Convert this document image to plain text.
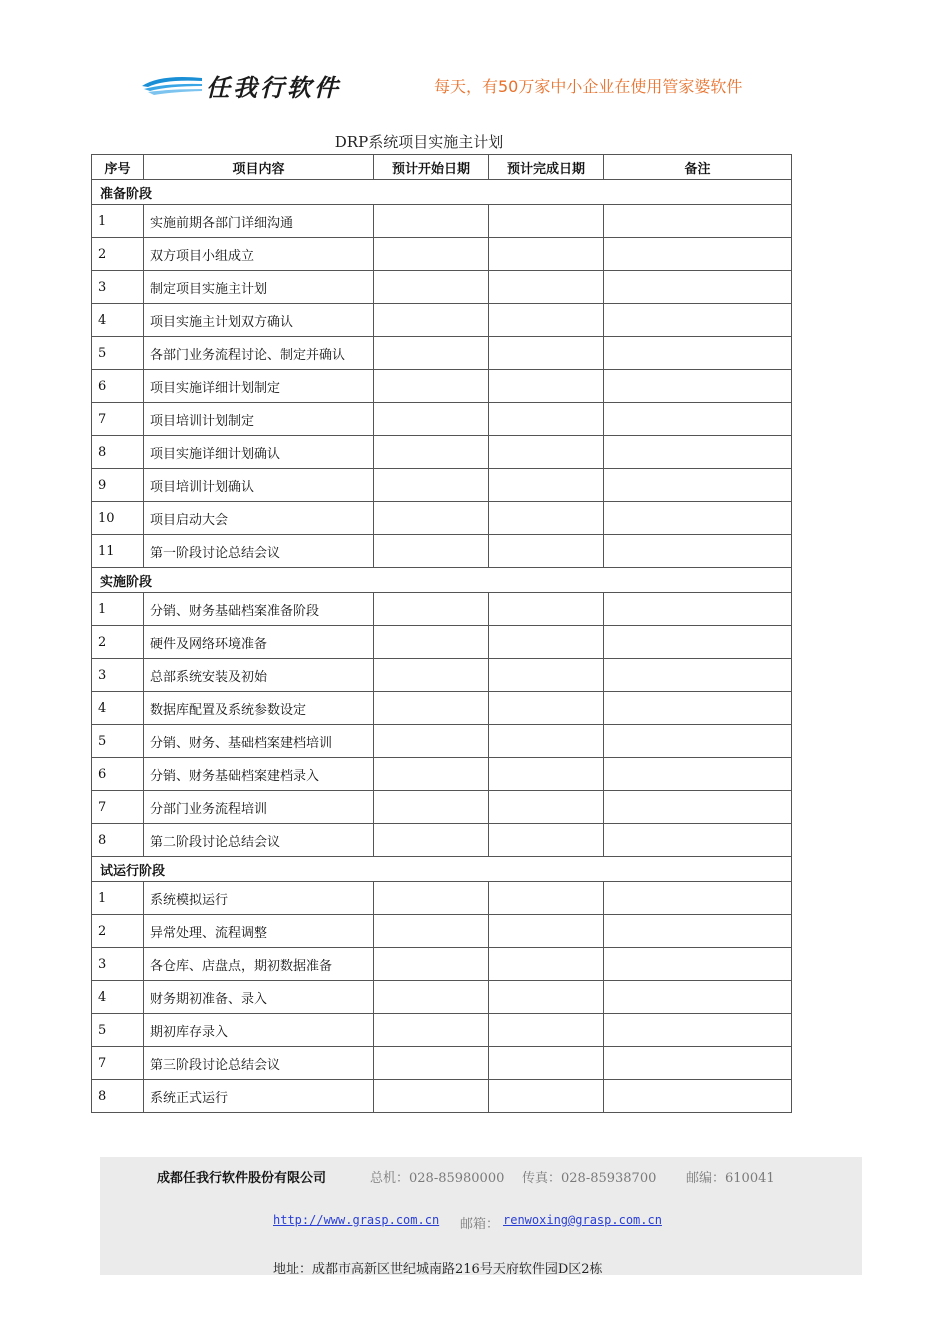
任我行软件	每天，有50万家中小企业在使用管家婆软件
DRP系统项目实施主计划
序号	项目内容	预计开始日期	预计完成日期	备注
准备阶段				
1	实施前期各部门详细沟通			
2	双方项目小组成立			
3	制定项目实施主计划			
4	项目实施主计划双方确认			
5	各部门业务流程讨论、制定并确认			
6	项目实施详细计划制定			
7	项目培训计划制定			
8	项目实施详细计划确认			
9	项目培训计划确认			
10	项目启动大会			
11	第一阶段讨论总结会议			
实施阶段				
1	分销、财务基础档案准备阶段			
2	硬件及网络环境准备			
3	总部系统安装及初始			
4	数据库配置及系统参数设定			
5	分销、财务、基础档案建档培训			
6	分销、财务基础档案建档录入			
7	分部门业务流程培训			
8	第二阶段讨论总结会议			
试运行阶段				
1	系统模拟运行			
2	异常处理、流程调整			
3	各仓库、店盘点，期初数据准备			
4	财务期初准备、录入			
5	期初库存录入			
7	第三阶段讨论总结会议			
8	系统正式运行			
成都任我行软件股份有限公司	总机：028-85980000 传真：028-85938700 邮编：610041
http://www.grasp.com.cn 邮箱： renwoxing@grasp.com.cn
地址：成都市高新区世纪城南路216号天府软件园D区2栋
